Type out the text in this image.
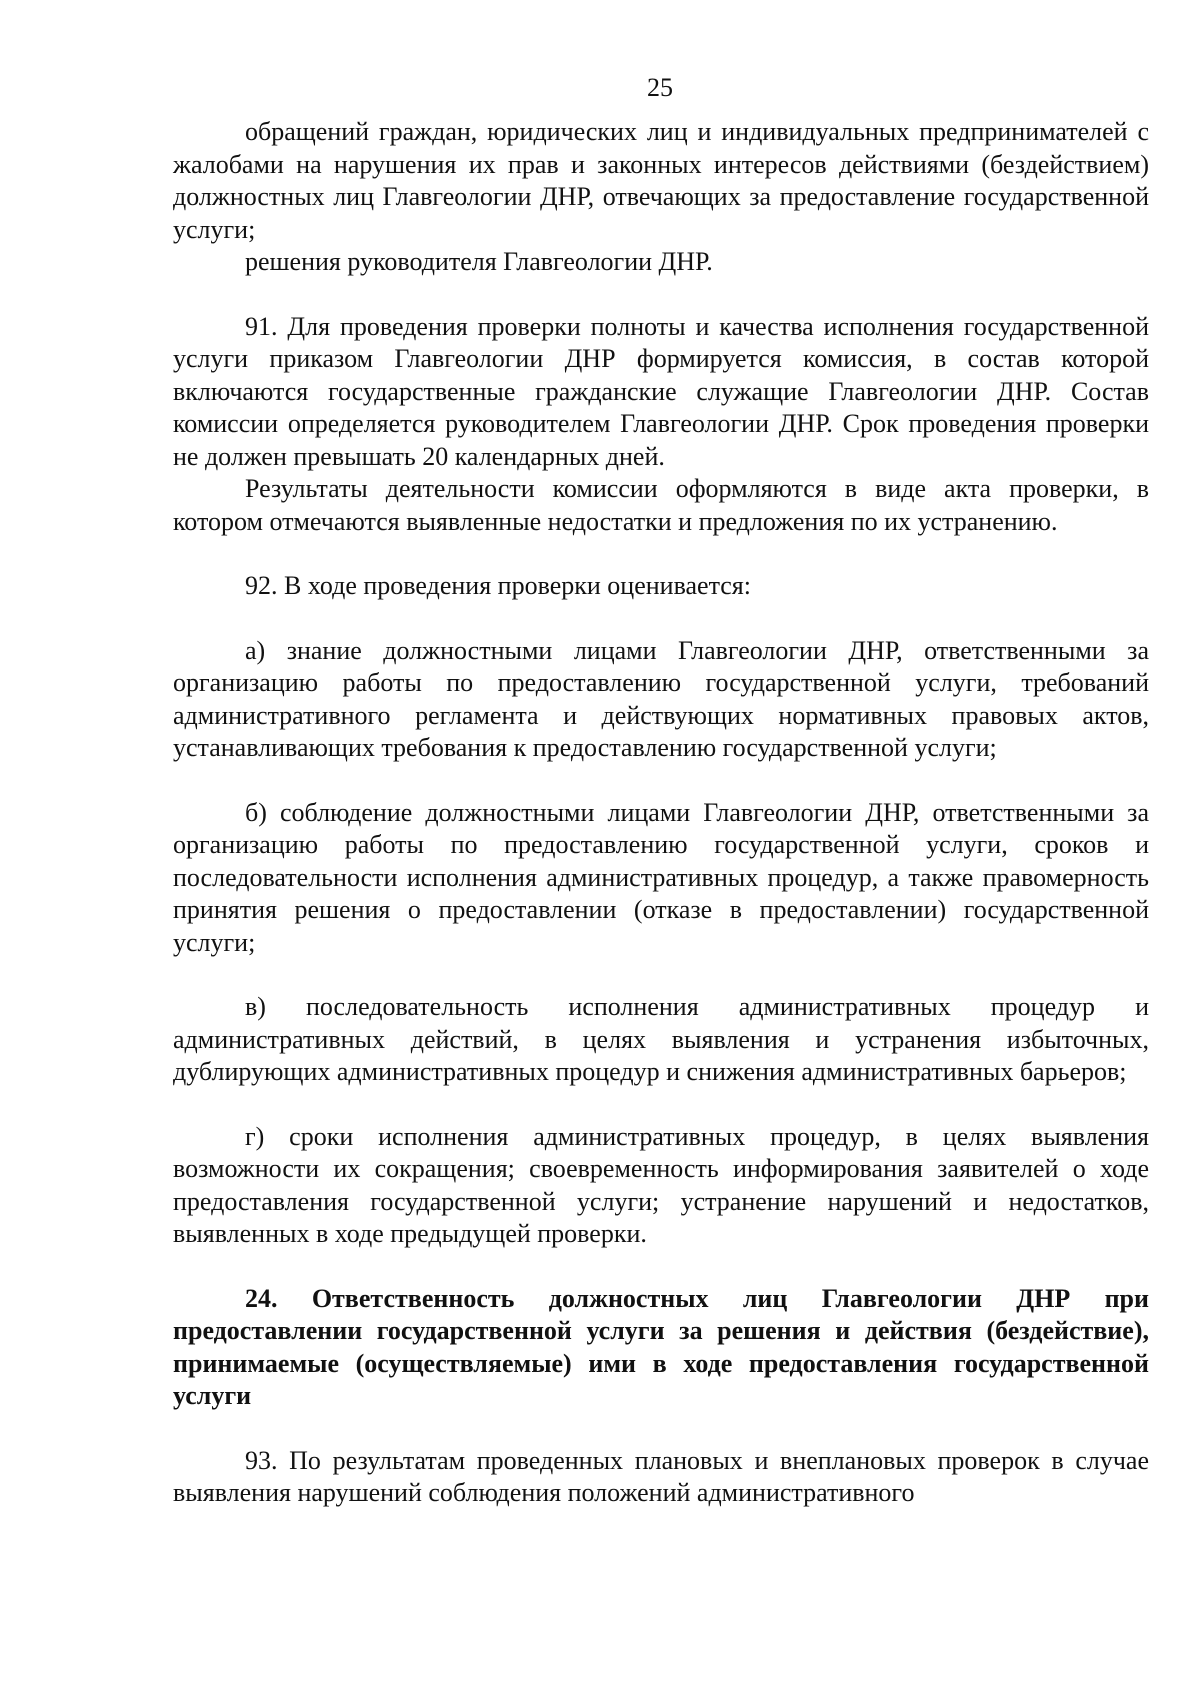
25

обращений граждан, юридических лиц и индивидуальных предпринимателей с жалобами на нарушения их прав и законных интересов действиями (бездействием) должностных лиц Главгеологии ДНР, отвечающих за предоставление государственной услуги;

решения руководителя Главгеологии ДНР.

91. Для проведения проверки полноты и качества исполнения государственной услуги приказом Главгеологии ДНР формируется комиссия, в состав которой включаются государственные гражданские служащие Главгеологии ДНР. Состав комиссии определяется руководителем Главгеологии ДНР. Срок проведения проверки не должен превышать 20 календарных дней.

Результаты деятельности комиссии оформляются в виде акта проверки, в котором отмечаются выявленные недостатки и предложения по их устранению.

92. В ходе проведения проверки оценивается:

а) знание должностными лицами Главгеологии ДНР, ответственными за организацию работы по предоставлению государственной услуги, требований административного регламента и действующих нормативных правовых актов, устанавливающих требования к предоставлению государственной услуги;

б) соблюдение должностными лицами Главгеологии ДНР, ответственными за организацию работы по предоставлению государственной услуги, сроков и последовательности исполнения административных процедур, а также правомерность принятия решения о предоставлении (отказе в предоставлении) государственной услуги;

в) последовательность исполнения административных процедур и административных действий, в целях выявления и устранения избыточных, дублирующих административных процедур и снижения административных барьеров;

г) сроки исполнения административных процедур, в целях выявления возможности их сокращения; своевременность информирования заявителей о ходе предоставления государственной услуги; устранение нарушений и недостатков, выявленных в ходе предыдущей проверки.

24. Ответственность должностных лиц Главгеологии ДНР при предоставлении государственной услуги за решения и действия (бездействие), принимаемые (осуществляемые) ими в ходе предоставления государственной услуги

93. По результатам проведенных плановых и внеплановых проверок в случае выявления нарушений соблюдения положений административного
